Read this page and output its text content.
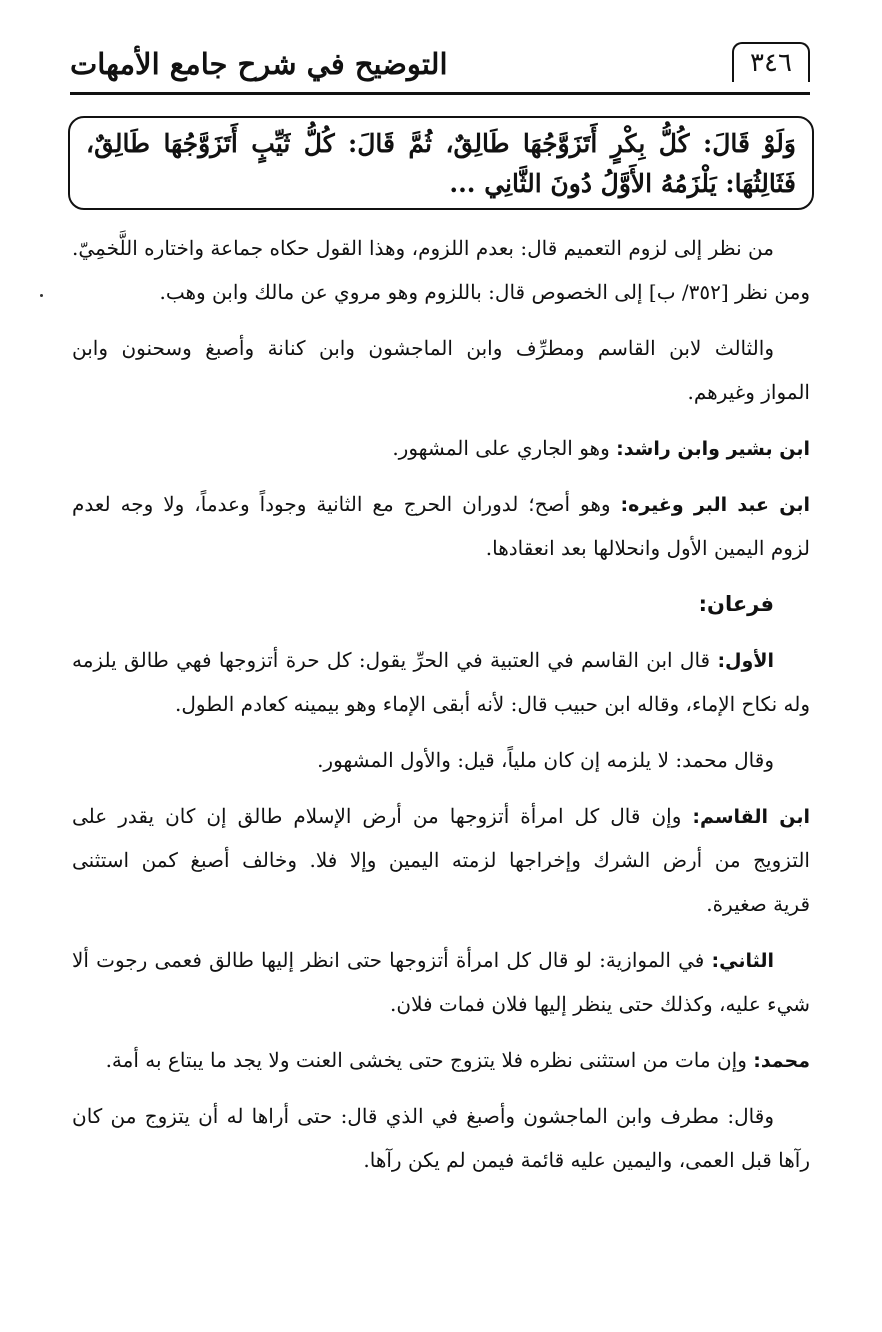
٣٤٦
التوضيح في شرح جامع الأمهات
وَلَوْ قَالَ: كُلُّ بِكْرٍ أَتَزَوَّجُهَا طَالِقٌ، ثُمَّ قَالَ: كُلُّ ثَيِّبٍ أَتَزَوَّجُهَا طَالِقٌ،
فَثَالِثُهَا: يَلْزَمُهُ الأَوَّلُ دُونَ الثَّانِي ...
من نظر إلى لزوم التعميم قال: بعدم اللزوم، وهذا القول حكاه جماعة واختاره اللَّخمِيّ.
ومن نظر [٣٥٢/ ب] إلى الخصوص قال: باللزوم وهو مروي عن مالك وابن وهب.
والثالث لابن القاسم ومطرِّف وابن الماجشون وابن كنانة وأصبغ وسحنون وابن
المواز وغيرهم.
ابن بشير وابن راشد: وهو الجاري على المشهور.
ابن عبد البر وغيره: وهو أصح؛ لدوران الحرج مع الثانية وجوداً وعدماً، ولا وجه لعدم
لزوم اليمين الأول وانحلالها بعد انعقادها.
فرعان:
الأول: قال ابن القاسم في العتبية في الحرِّ يقول: كل حرة أتزوجها فهي طالق يلزمه
وله نكاح الإماء، وقاله ابن حبيب قال: لأنه أبقى الإماء وهو بيمينه كعادم الطول.
وقال محمد: لا يلزمه إن كان ملياً، قيل: والأول المشهور.
ابن القاسم: وإن قال كل امرأة أتزوجها من أرض الإسلام طالق إن كان يقدر على
التزويج من أرض الشرك وإخراجها لزمته اليمين وإلا فلا. وخالف أصبغ كمن استثنى
قرية صغيرة.
الثاني: في الموازية: لو قال كل امرأة أتزوجها حتى انظر إليها طالق فعمى رجوت ألا
شيء عليه، وكذلك حتى ينظر إليها فلان فمات فلان.
محمد: وإن مات من استثنى نظره فلا يتزوج حتى يخشى العنت ولا يجد ما يبتاع به أمة.
وقال: مطرف وابن الماجشون وأصبغ في الذي قال: حتى أراها له أن يتزوج من كان
رآها قبل العمى، واليمين عليه قائمة فيمن لم يكن رآها.
